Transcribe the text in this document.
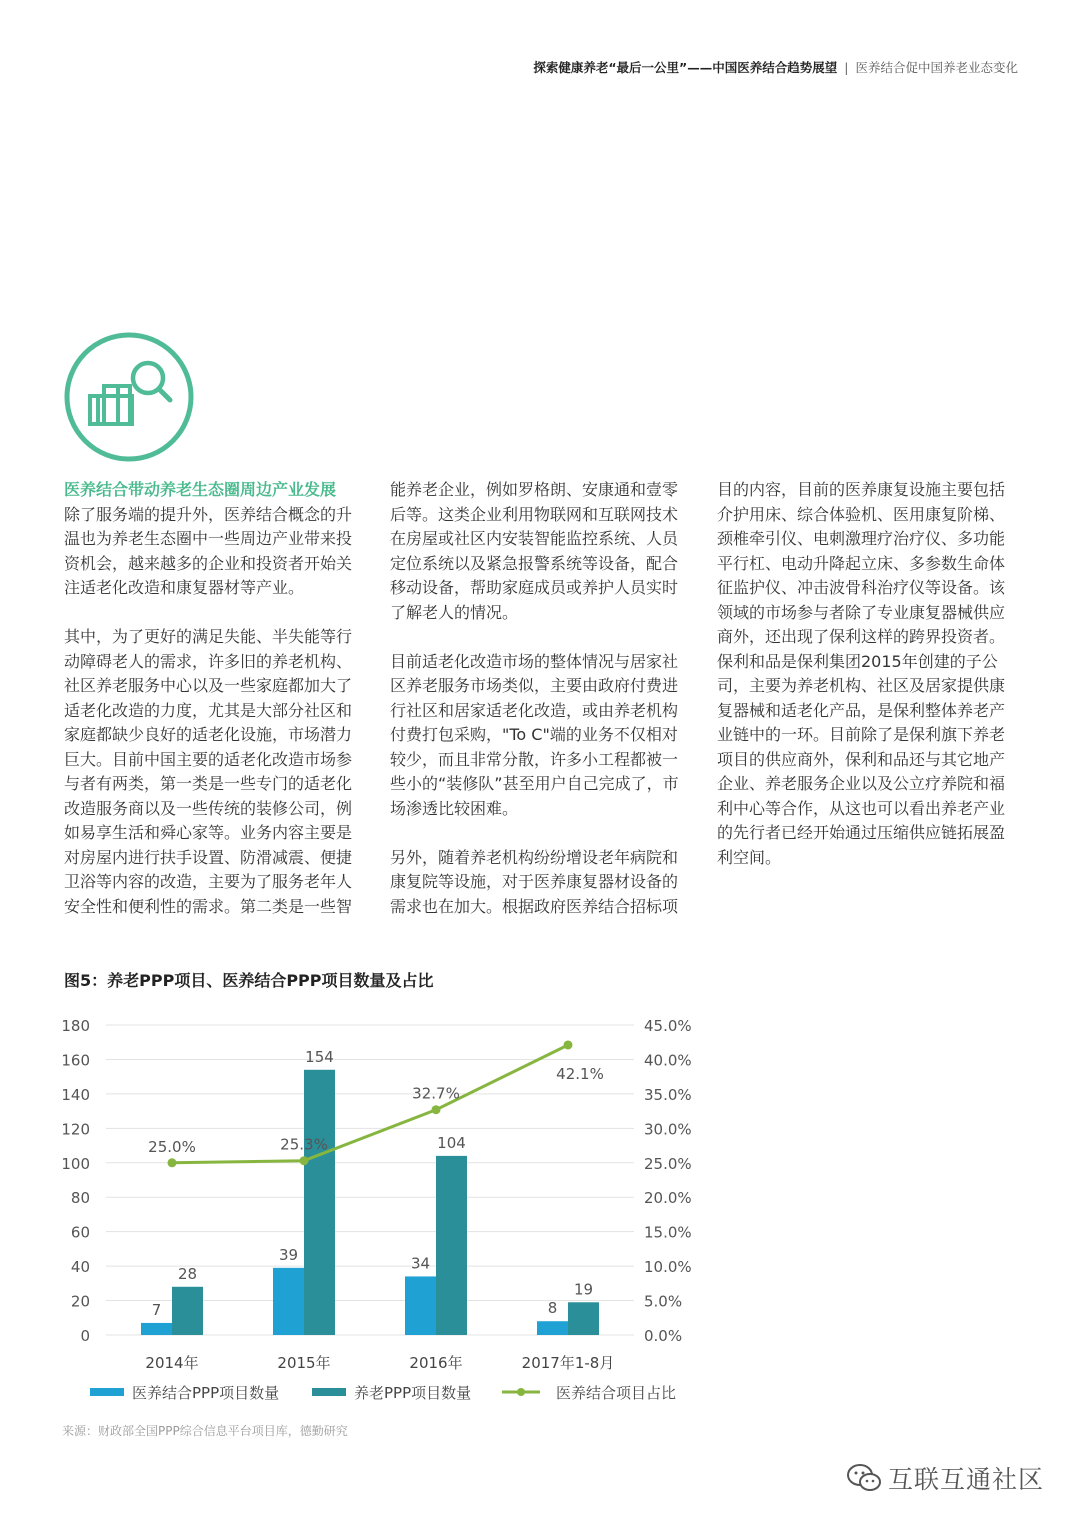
探索健康养老“最后一公里”——中国医养结合趋势展望 | 医养结合促中国养老业态变化

医养结合带动养老生态圈周边产业发展

除了服务端的提升外，医养结合概念的升温也为养老生态圈中一些周边产业带来投资机会，越来越多的企业和投资者开始关注适老化改造和康复器材等产业。

其中，为了更好的满足失能、半失能等行动障碍老人的需求，许多旧的养老机构、社区养老服务中心以及一些家庭都加大了适老化改造的力度，尤其是大部分社区和家庭都缺少良好的适老化设施，市场潜力巨大。目前中国主要的适老化改造市场参与者有两类，第一类是一些专门的适老化改造服务商以及一些传统的装修公司，例如易享生活和舜心家等。业务内容主要是对房屋内进行扶手设置、防滑减震、便捷卫浴等内容的改造，主要为了服务老年人安全性和便利性的需求。第二类是一些智

能养老企业，例如罗格朗、安康通和壹零后等。这类企业利用物联网和互联网技术在房屋或社区内安装智能监控系统、人员定位系统以及紧急报警系统等设备，配合移动设备，帮助家庭成员或养护人员实时了解老人的情况。

目前适老化改造市场的整体情况与居家社区养老服务市场类似，主要由政府付费进行社区和居家适老化改造，或由养老机构付费打包采购，"To C"端的业务不仅相对较少，而且非常分散，许多小工程都被一些小的“装修队”甚至用户自己完成了，市场渗透比较困难。

另外，随着养老机构纷纷增设老年病院和康复院等设施，对于医养康复器材设备的需求也在加大。根据政府医养结合招标项

目的内容，目前的医养康复设施主要包括介护用床、综合体验机、医用康复阶梯、颈椎牵引仪、电刺激理疗治疗仪、多功能平行杠、电动升降起立床、多参数生命体征监护仪、冲击波骨科治疗仪等设备。该领域的市场参与者除了专业康复器械供应商外，还出现了保利这样的跨界投资者。保利和品是保利集团2015年创建的子公司，主要为养老机构、社区及居家提供康复器械和适老化产品，是保利整体养老产业链中的一环。目前除了是保利旗下养老项目的供应商外，保利和品还与其它地产企业、养老服务企业以及公立疗养院和福利中心等合作，从这也可以看出养老产业的先行者已经开始通过压缩供应链拓展盈利空间。

图5：养老PPP项目、医养结合PPP项目数量及占比
0
20
40
60
80
100
120
140
160
180
0.0%
5.0%
10.0%
15.0%
20.0%
25.0%
30.0%
35.0%
40.0%
45.0%
7
28
2014年
39
154
2015年
34
104
2016年
8
19
2017年1-8月
25.0%	25.3%
32.7%
42.1%
医养结合PPP项目数量	养老PPP项目数量	医养结合项目占比
来源：财政部全国PPP综合信息平台项目库，德勤研究
互联互通社区
